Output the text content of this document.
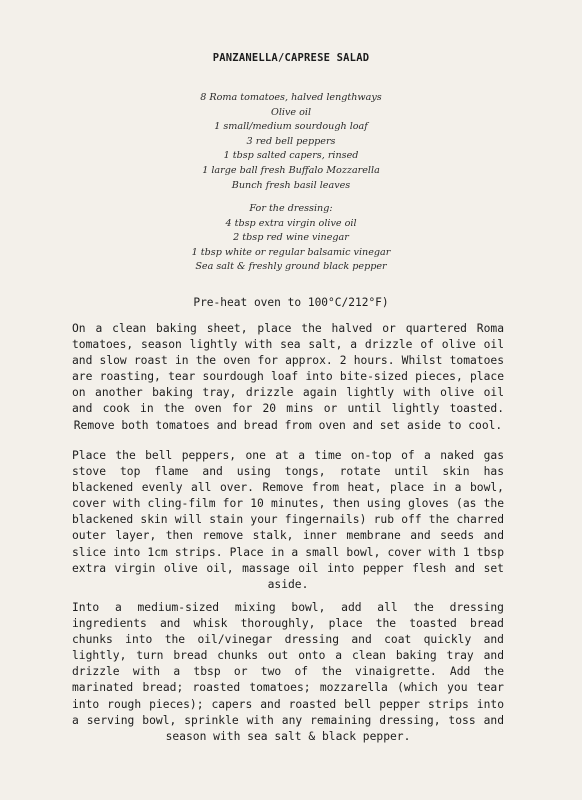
PANZANELLA/CAPRESE SALAD
8 Roma tomatoes, halved lengthways
Olive oil
1 small/medium sourdough loaf
3 red bell peppers
1 tbsp salted capers, rinsed
1 large ball fresh Buffalo Mozzarella
Bunch fresh basil leaves
For the dressing:
4 tbsp extra virgin olive oil
2 tbsp red wine vinegar
1 tbsp white or regular balsamic vinegar
Sea salt & freshly ground black pepper
Pre-heat oven to 100°C/212°F)

On a clean baking sheet, place the halved or quartered Roma tomatoes, season lightly with sea salt, a drizzle of olive oil and slow roast in the oven for approx. 2 hours. Whilst tomatoes are roasting, tear sourdough loaf into bite-sized pieces, place on another baking tray, drizzle again lightly with olive oil and cook in the oven for 20 mins or until lightly toasted. Remove both tomatoes and bread from oven and set aside to cool.

Place the bell peppers, one at a time on-top of a naked gas stove top flame and using tongs, rotate until skin has blackened evenly all over. Remove from heat, place in a bowl, cover with cling-film for 10 minutes, then using gloves (as the blackened skin will stain your fingernails) rub off the charred outer layer, then remove stalk, inner membrane and seeds and slice into 1cm strips. Place in a small bowl, cover with 1 tbsp extra virgin olive oil, massage oil into pepper flesh and set aside.

Into a medium-sized mixing bowl, add all the dressing ingredients and whisk thoroughly, place the toasted bread chunks into the oil/vinegar dressing and coat quickly and lightly, turn bread chunks out onto a clean baking tray and drizzle with a tbsp or two of the vinaigrette. Add the marinated bread; roasted tomatoes; mozzarella (which you tear into rough pieces); capers and roasted bell pepper strips into a serving bowl, sprinkle with any remaining dressing, toss and season with sea salt & black pepper.
